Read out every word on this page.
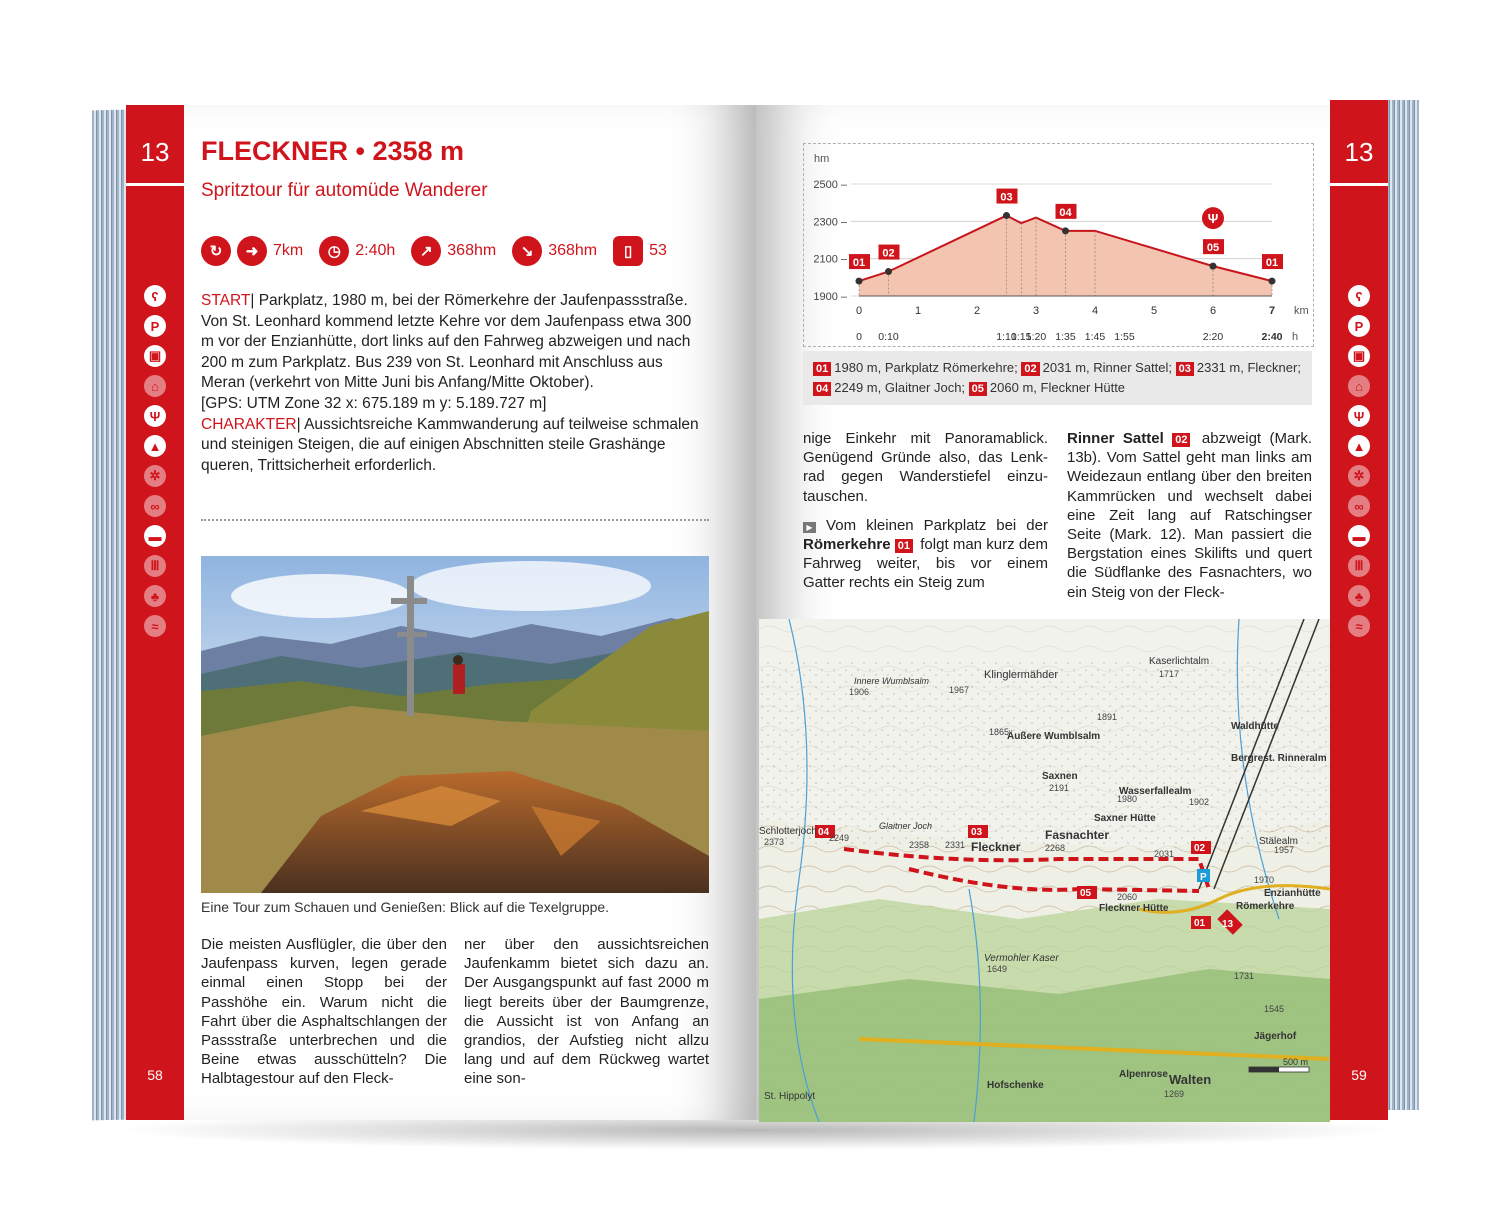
13	13
ʕ
P
▣
⌂
Ψ
▲
✲
∞
▬
Ⅲ
♣
≈
ʕ
P
▣
⌂
Ψ
▲
✲
∞
▬
Ⅲ
♣
≈
58	59
FLECKNER • 2358 m
Spritztour für automüde Wanderer
↻	➜ 7km	◷ 2:40h	↗ 368hm	↘ 368hm	▯	53
START| Parkplatz, 1980 m, bei der Römerkehre der Jaufenpassstraße. Von St. Leonhard kommend letzte Kehre vor dem Jaufenpass etwa 300 m vor der Enzianhütte, dort links auf den Fahrweg abzweigen und nach 200 m zum Parkplatz. Bus 239 von St. Leonhard mit Anschluss aus Meran (verkehrt von Mitte Juni bis Anfang/Mitte Oktober).
[GPS: UTM Zone 32 x: 675.189 m y: 5.189.727 m]
CHARAKTER| Aussichtsreiche Kammwanderung auf teilweise schmalen und steinigen Steigen, die auf einigen Abschnitten steile Grashänge queren, Trittsicherheit erforderlich.
Eine Tour zum Schauen und Genießen: Blick auf die Texelgruppe.

Die meisten Ausflügler, die über den Jaufenpass kurven, legen gerade einmal einen Stopp bei der Passhöhe ein. Warum nicht die Fahrt über die Asphaltschlangen der Passstraße unterbrechen und die Beine etwas ausschütteln? Die Halbtagestour auf den Fleck-

ner über den aussichtsreichen Jaufenkamm bietet sich dazu an. Der Ausgangspunkt auf fast 2000 m liegt bereits über der Baumgrenze, die Aussicht ist von Anfang an grandios, der Aufstieg nicht allzu lang und auf dem Rückweg wartet eine son-

hm
1900 –
2100 –
2300 –
2500 –
0	1	2	3	4	5	6	7 km
0 0:10	1:10
1:15
1:20 1:35 1:45 1:55	2:20	2:40 h
01
02
03
04
05
01
Ψ
01 1980 m, Parkplatz Römerkehre; 02 2031 m, Rinner Sattel; 03 2331 m, Fleckner; 04 2249 m, Glaitner Joch; 05 2060 m, Fleckner Hütte

nige Einkehr mit Panoramablick. Genügend Gründe also, das Lenkrad gegen Wanderstiefel einzutauschen.

▶ Vom kleinen Parkplatz bei der Römerkehre 01 folgt man kurz dem Fahrweg weiter, bis vor einem Gatter rechts ein Steig zum

Rinner Sattel 02 abzweigt (Mark. 13b). Vom Sattel geht man links am Weidezaun entlang über den breiten Kammrücken und wechselt dabei eine Zeit lang auf Ratschingser Seite (Mark. 12). Man passiert die Bergstation eines Skilifts und quert die Südflanke des Fasnachters, wo ein Steig von der Fleck-

13
P
04	03
02
05
01
Klinglermähder
Innere Wumblsalm
Äußere Wumblsalm
Saxnen
Saxner Hütte
Wasserfallealm
Waldhütte
Bergrest. Rinneralm
Kaserlichtalm
Fasnachter
Fleckner
Fleckner Hütte	Römerkehre
Enzianhütte
Glaitner Joch
Schlotterjoch
Vermohler Kaser
Walten
Alpenrose
Hofschenke
Jägerhof
St. Hippolyt
Stälealm
2249
2358 2331	2268
2031
1980	1902
2191
1865
1967
1906
1891
1717
1649
1970
1957
2060
1731
1545
1269
2373
500 m
